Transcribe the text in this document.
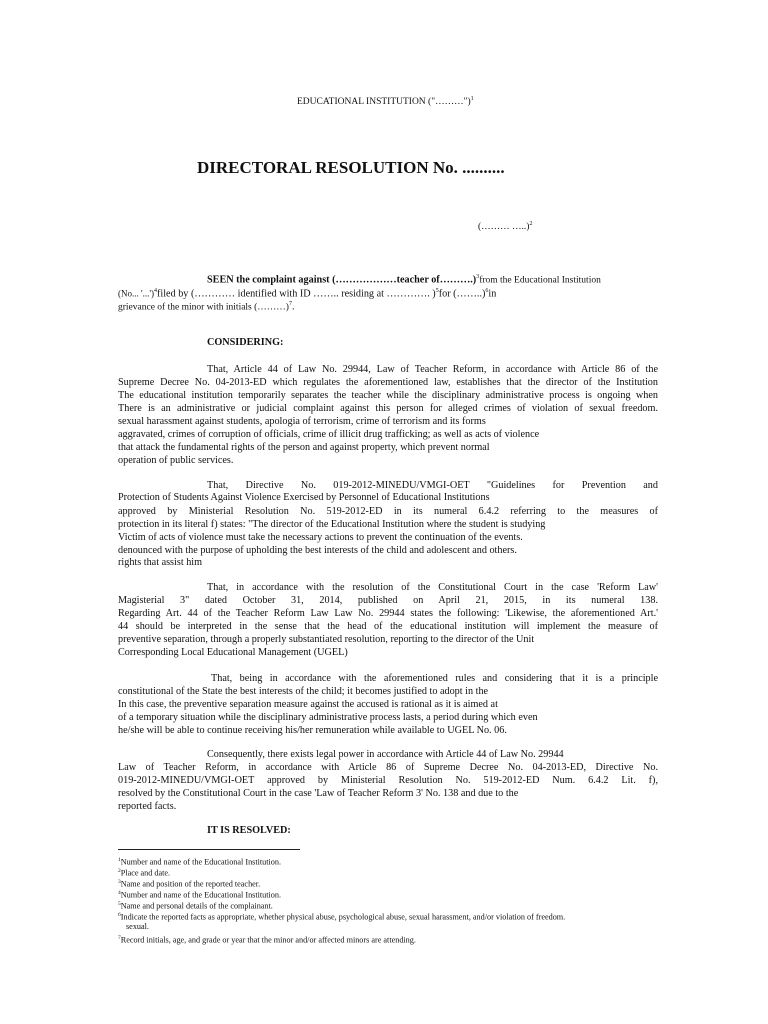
EDUCATIONAL INSTITUTION ("………")$^1$
DIRECTORAL RESOLUTION No. ..........
(……… …..)$^2$
SEEN the complaint against (………………teacher of……….)$^3$from the Educational Institution
(No... '...')$^4$filed by (………… identified with ID …….. residing at …………. )$^5$for (……..)$^6$in
grievance of the minor with initials (………)$^7$.
CONSIDERING:
That, Article 44 of Law No. 29944, Law of Teacher Reform, in accordance with Article 86 of the
Supreme Decree No. 04-2013-ED which regulates the aforementioned law, establishes that the director of the Institution
The educational institution temporarily separates the teacher while the disciplinary administrative process is ongoing when
There is an administrative or judicial complaint against this person for alleged crimes of violation of sexual freedom.
sexual harassment against students, apologia of terrorism, crime of terrorism and its forms
aggravated, crimes of corruption of officials, crime of illicit drug trafficking; as well as acts of violence
that attack the fundamental rights of the person and against property, which prevent normal
operation of public services.
That, Directive No. 019-2012-MINEDU/VMGI-OET "Guidelines for Prevention and
Protection of Students Against Violence Exercised by Personnel of Educational Institutions
approved by Ministerial Resolution No. 519-2012-ED in its numeral 6.4.2 referring to the measures of
protection in its literal f) states: "The director of the Educational Institution where the student is studying
Victim of acts of violence must take the necessary actions to prevent the continuation of the events.
denounced with the purpose of upholding the best interests of the child and adolescent and others.
rights that assist him
That, in accordance with the resolution of the Constitutional Court in the case 'Reform Law'
Magisterial 3" dated October 31, 2014, published on April 21, 2015, in its numeral 138.
Regarding Art. 44 of the Teacher Reform Law Law No. 29944 states the following: 'Likewise, the aforementioned Art.'
44 should be interpreted in the sense that the head of the educational institution will implement the measure of
preventive separation, through a properly substantiated resolution, reporting to the director of the Unit
Corresponding Local Educational Management (UGEL)
That, being in accordance with the aforementioned rules and considering that it is a principle
constitutional of the State the best interests of the child; it becomes justified to adopt in the
In this case, the preventive separation measure against the accused is rational as it is aimed at
of a temporary situation while the disciplinary administrative process lasts, a period during which even
he/she will be able to continue receiving his/her remuneration while available to UGEL No. 06.
Consequently, there exists legal power in accordance with Article 44 of Law No. 29944
Law of Teacher Reform, in accordance with Article 86 of Supreme Decree No. 04-2013-ED, Directive No.
019-2012-MINEDU/VMGI-OET approved by Ministerial Resolution No. 519-2012-ED Num. 6.4.2 Lit. f),
resolved by the Constitutional Court in the case 'Law of Teacher Reform 3' No. 138 and due to the
reported facts.
IT IS RESOLVED:
$^1$Number and name of the Educational Institution.
$^2$Place and date.
$^3$Name and position of the reported teacher.
$^4$Number and name of the Educational Institution.
$^5$Name and personal details of the complainant.
$^6$Indicate the reported facts as appropriate, whether physical abuse, psychological abuse, sexual harassment, and/or violation of freedom.
sexual.
$^7$Record initials, age, and grade or year that the minor and/or affected minors are attending.
